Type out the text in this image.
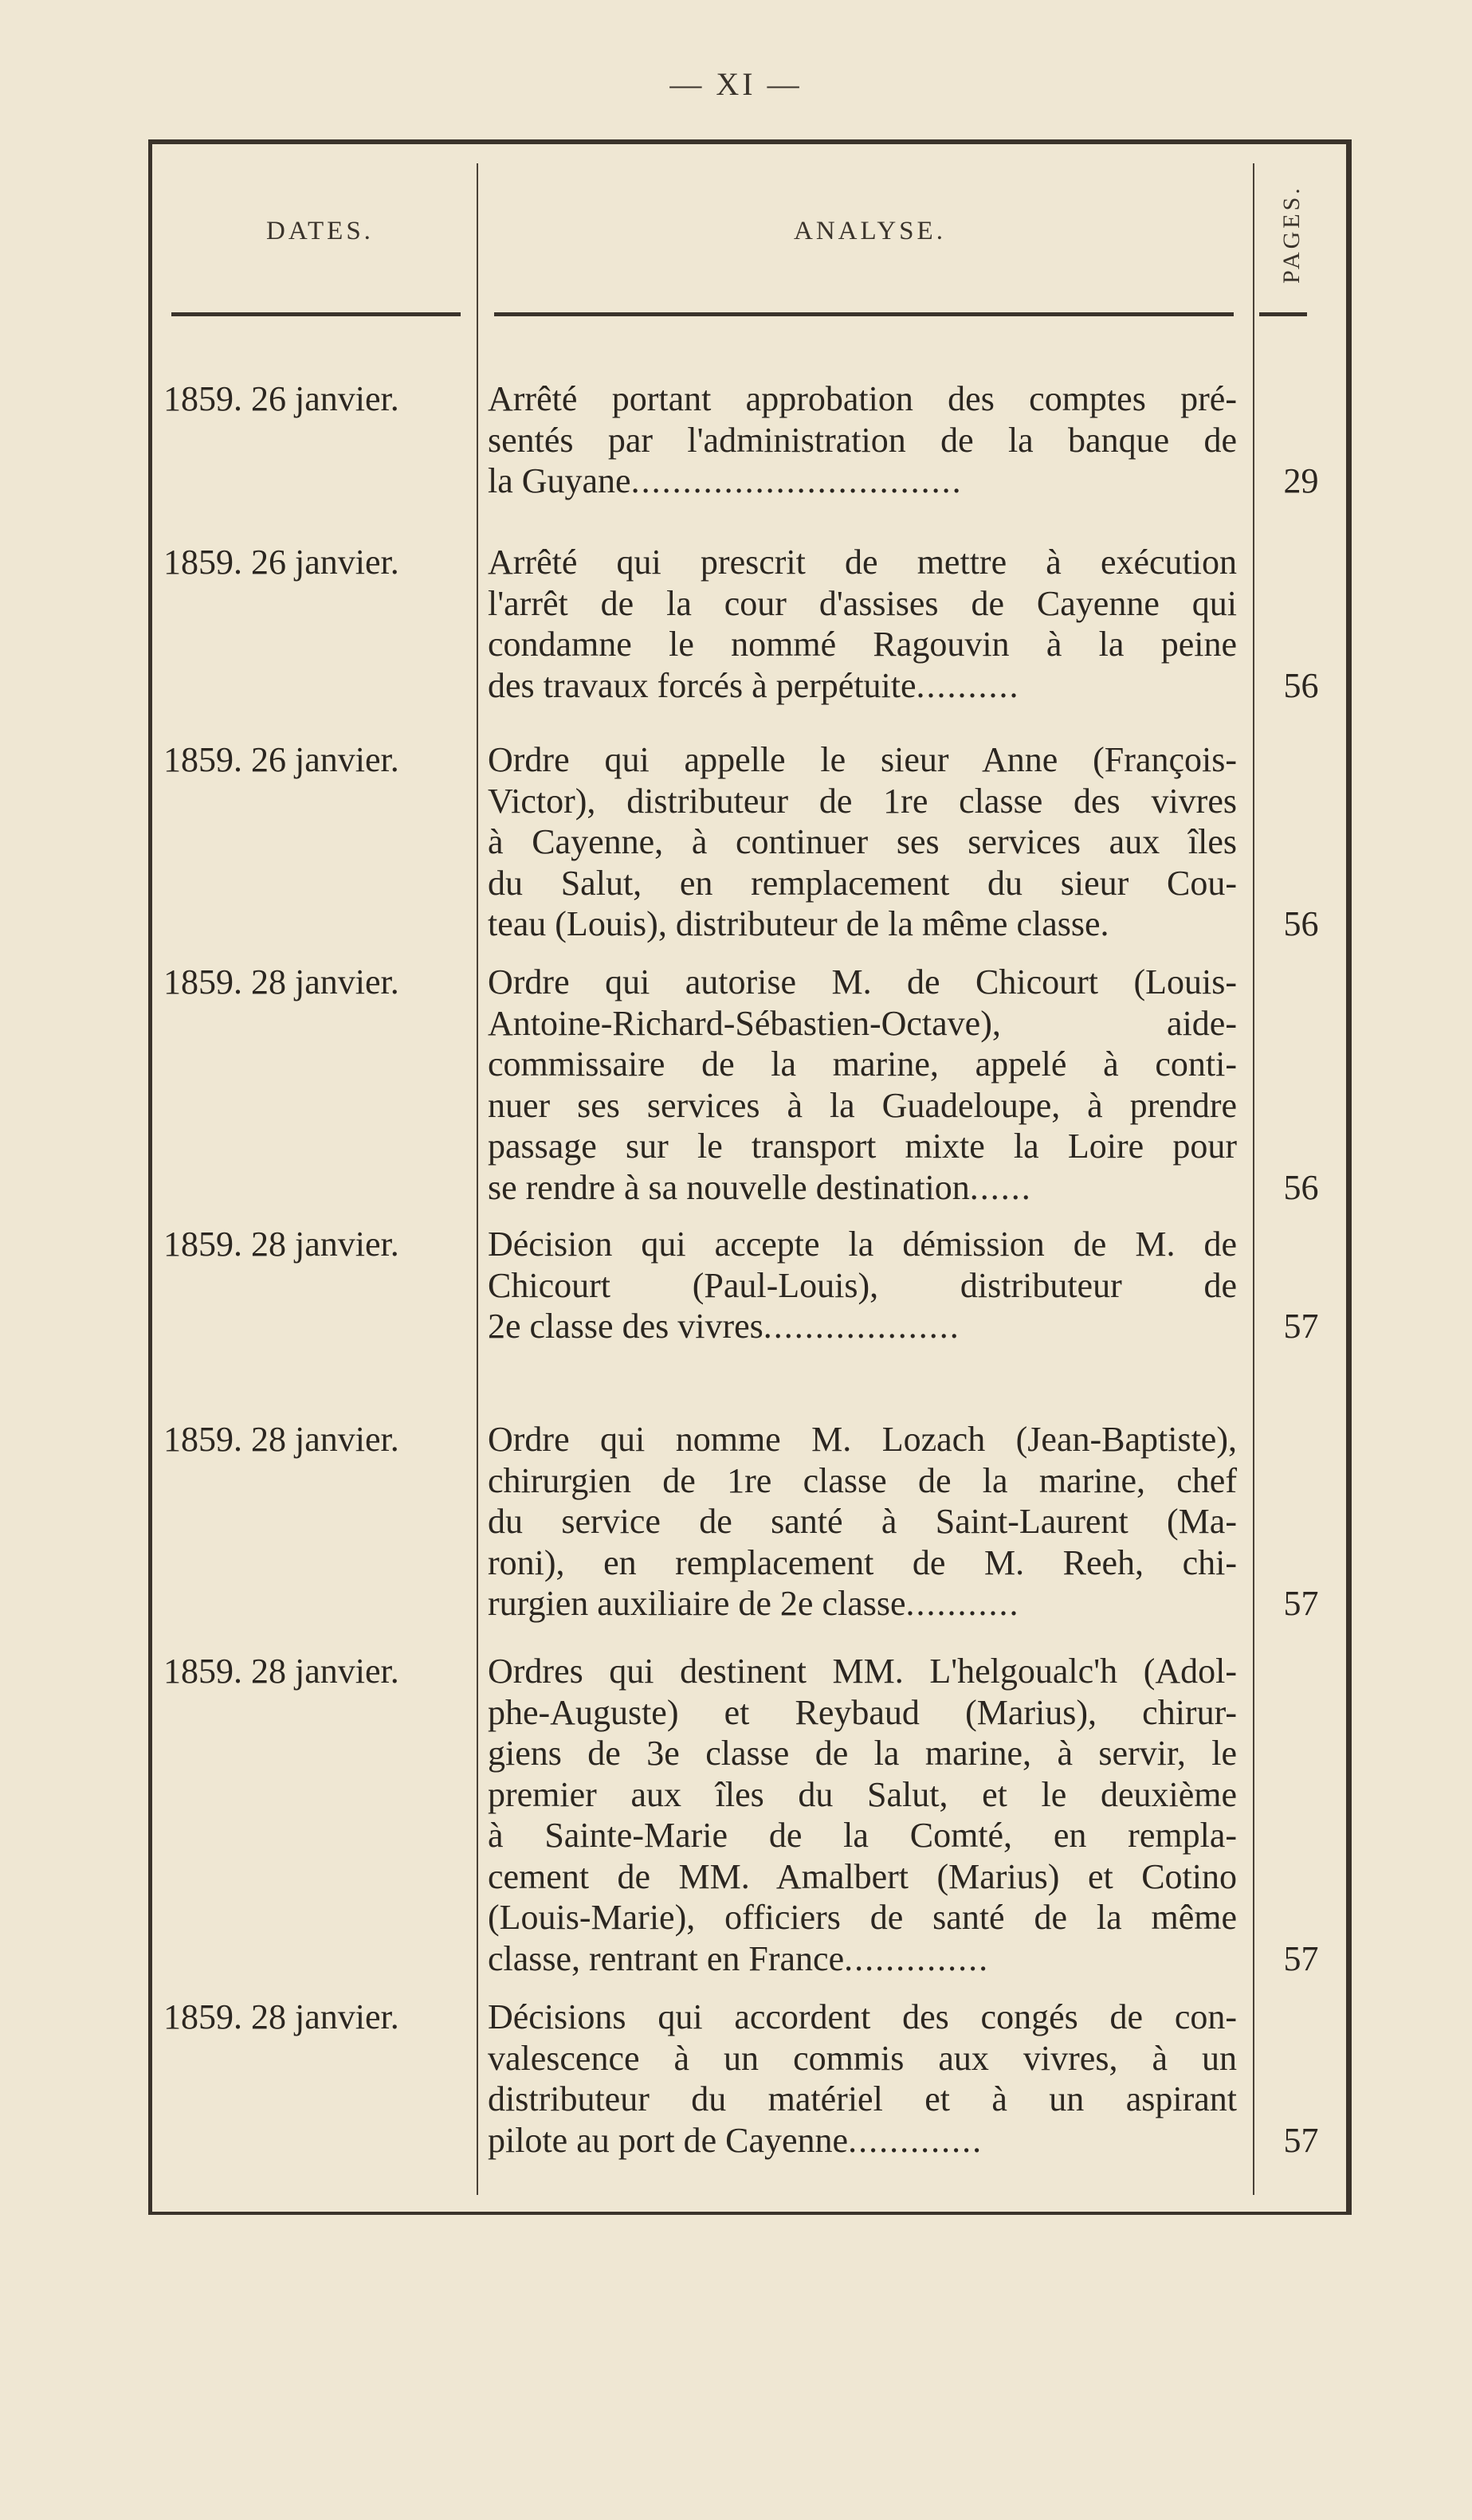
— XI —
DATES.	ANALYSE.	PAGES.
1859. 26 janvier.	Arrêté portant approbation des comptes pré-
sentés par l'administration de la banque de
la Guyane................................	29
1859. 26 janvier.	Arrêté qui prescrit de mettre à exécution
l'arrêt de la cour d'assises de Cayenne qui
condamne le nommé Ragouvin à la peine
des travaux forcés à perpétuite..........	56
1859. 26 janvier.	Ordre qui appelle le sieur Anne (François-
Victor), distributeur de 1re classe des vivres
à Cayenne, à continuer ses services aux îles
du Salut, en remplacement du sieur Cou-
teau (Louis), distributeur de la même classe.	56
1859. 28 janvier.	Ordre qui autorise M. de Chicourt (Louis-
Antoine-Richard-Sébastien-Octave), aide-
commissaire de la marine, appelé à conti-
nuer ses services à la Guadeloupe, à prendre
passage sur le transport mixte la Loire pour
se rendre à sa nouvelle destination......	56
1859. 28 janvier.	Décision qui accepte la démission de M. de
Chicourt (Paul-Louis), distributeur de
2e classe des vivres...................	57
1859. 28 janvier.	Ordre qui nomme M. Lozach (Jean-Baptiste),
chirurgien de 1re classe de la marine, chef
du service de santé à Saint-Laurent (Ma-
roni), en remplacement de M. Reeh, chi-
rurgien auxiliaire de 2e classe...........	57
1859. 28 janvier.	Ordres qui destinent MM. L'helgoualc'h (Adol-
phe-Auguste) et Reybaud (Marius), chirur-
giens de 3e classe de la marine, à servir, le
premier aux îles du Salut, et le deuxième
à Sainte-Marie de la Comté, en rempla-
cement de MM. Amalbert (Marius) et Cotino
(Louis-Marie), officiers de santé de la même
classe, rentrant en France..............	57
1859. 28 janvier.	Décisions qui accordent des congés de con-
valescence à un commis aux vivres, à un
distributeur du matériel et à un aspirant
pilote au port de Cayenne.............	57
